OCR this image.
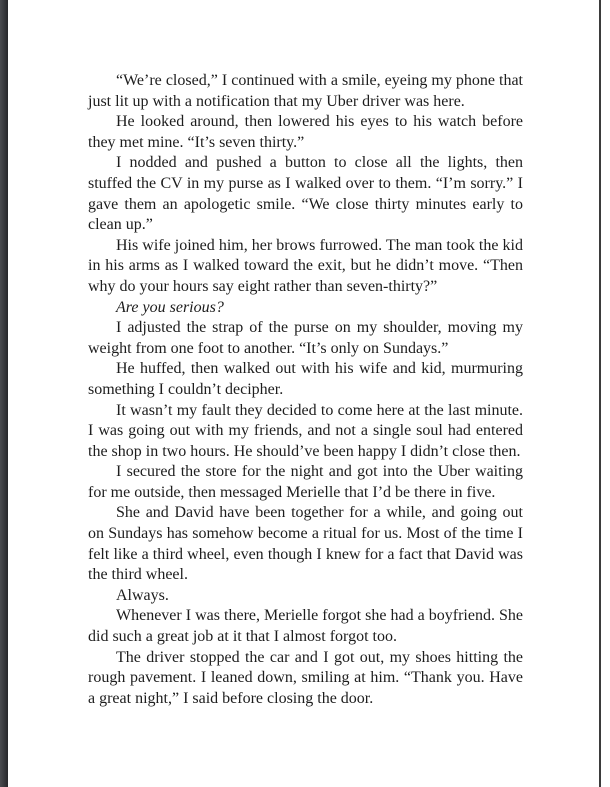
“We’re closed,” I continued with a smile, eyeing my phone that just lit up with a notification that my Uber driver was here.

He looked around, then lowered his eyes to his watch before they met mine. “It’s seven thirty.”

I nodded and pushed a button to close all the lights, then stuffed the CV in my purse as I walked over to them. “I’m sorry.” I gave them an apologetic smile. “We close thirty minutes early to clean up.”

His wife joined him, her brows furrowed. The man took the kid in his arms as I walked toward the exit, but he didn’t move. “Then why do your hours say eight rather than seven-thirty?”

Are you serious?

I adjusted the strap of the purse on my shoulder, moving my weight from one foot to another. “It’s only on Sundays.”

He huffed, then walked out with his wife and kid, murmuring something I couldn’t decipher.

It wasn’t my fault they decided to come here at the last minute. I was going out with my friends, and not a single soul had entered the shop in two hours. He should’ve been happy I didn’t close then.

I secured the store for the night and got into the Uber waiting for me outside, then messaged Merielle that I’d be there in five.

She and David have been together for a while, and going out on Sundays has somehow become a ritual for us. Most of the time I felt like a third wheel, even though I knew for a fact that David was the third wheel.

Always.

Whenever I was there, Merielle forgot she had a boyfriend. She did such a great job at it that I almost forgot too.

The driver stopped the car and I got out, my shoes hitting the rough pavement. I leaned down, smiling at him. “Thank you. Have a great night,” I said before closing the door.
